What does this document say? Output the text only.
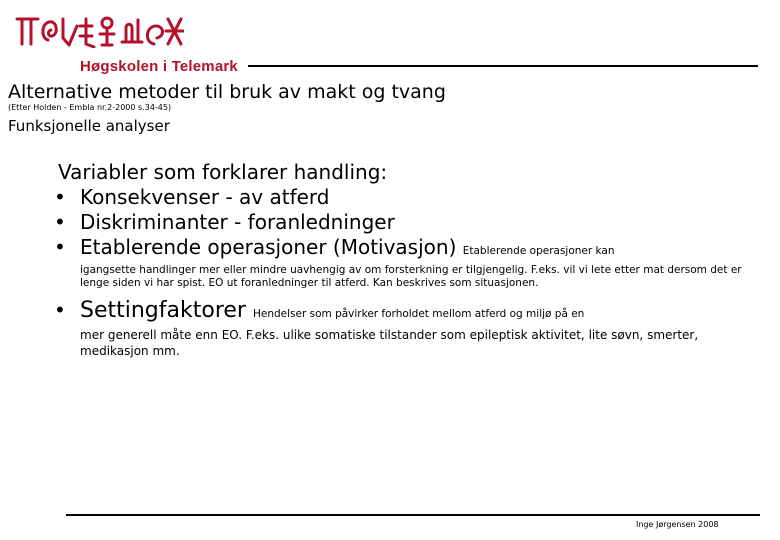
Høgskolen i Telemark
Alternative metoder til bruk av makt og tvang
(Etter Holden - Embla nr.2-2000 s.34-45)
Funksjonelle analyser
Variabler som forklarer handling:
• Konsekvenser - av atferd
• Diskriminanter - foranledninger
• Etablerende operasjoner (Motivasjon) Etablerende operasjoner kan
igangsette handlinger mer eller mindre uavhengig av om forsterkning er tilgjengelig. F.eks. vil vi lete etter mat dersom det er lenge siden vi har spist. EO ut foranledninger til atferd. Kan beskrives som situasjonen.
• Settingfaktorer Hendelser som påvirker forholdet mellom atferd og miljø på en
mer generell måte enn EO. F.eks. ulike somatiske tilstander som epileptisk aktivitet, lite søvn, smerter, medikasjon mm.
Inge Jørgensen 2008
